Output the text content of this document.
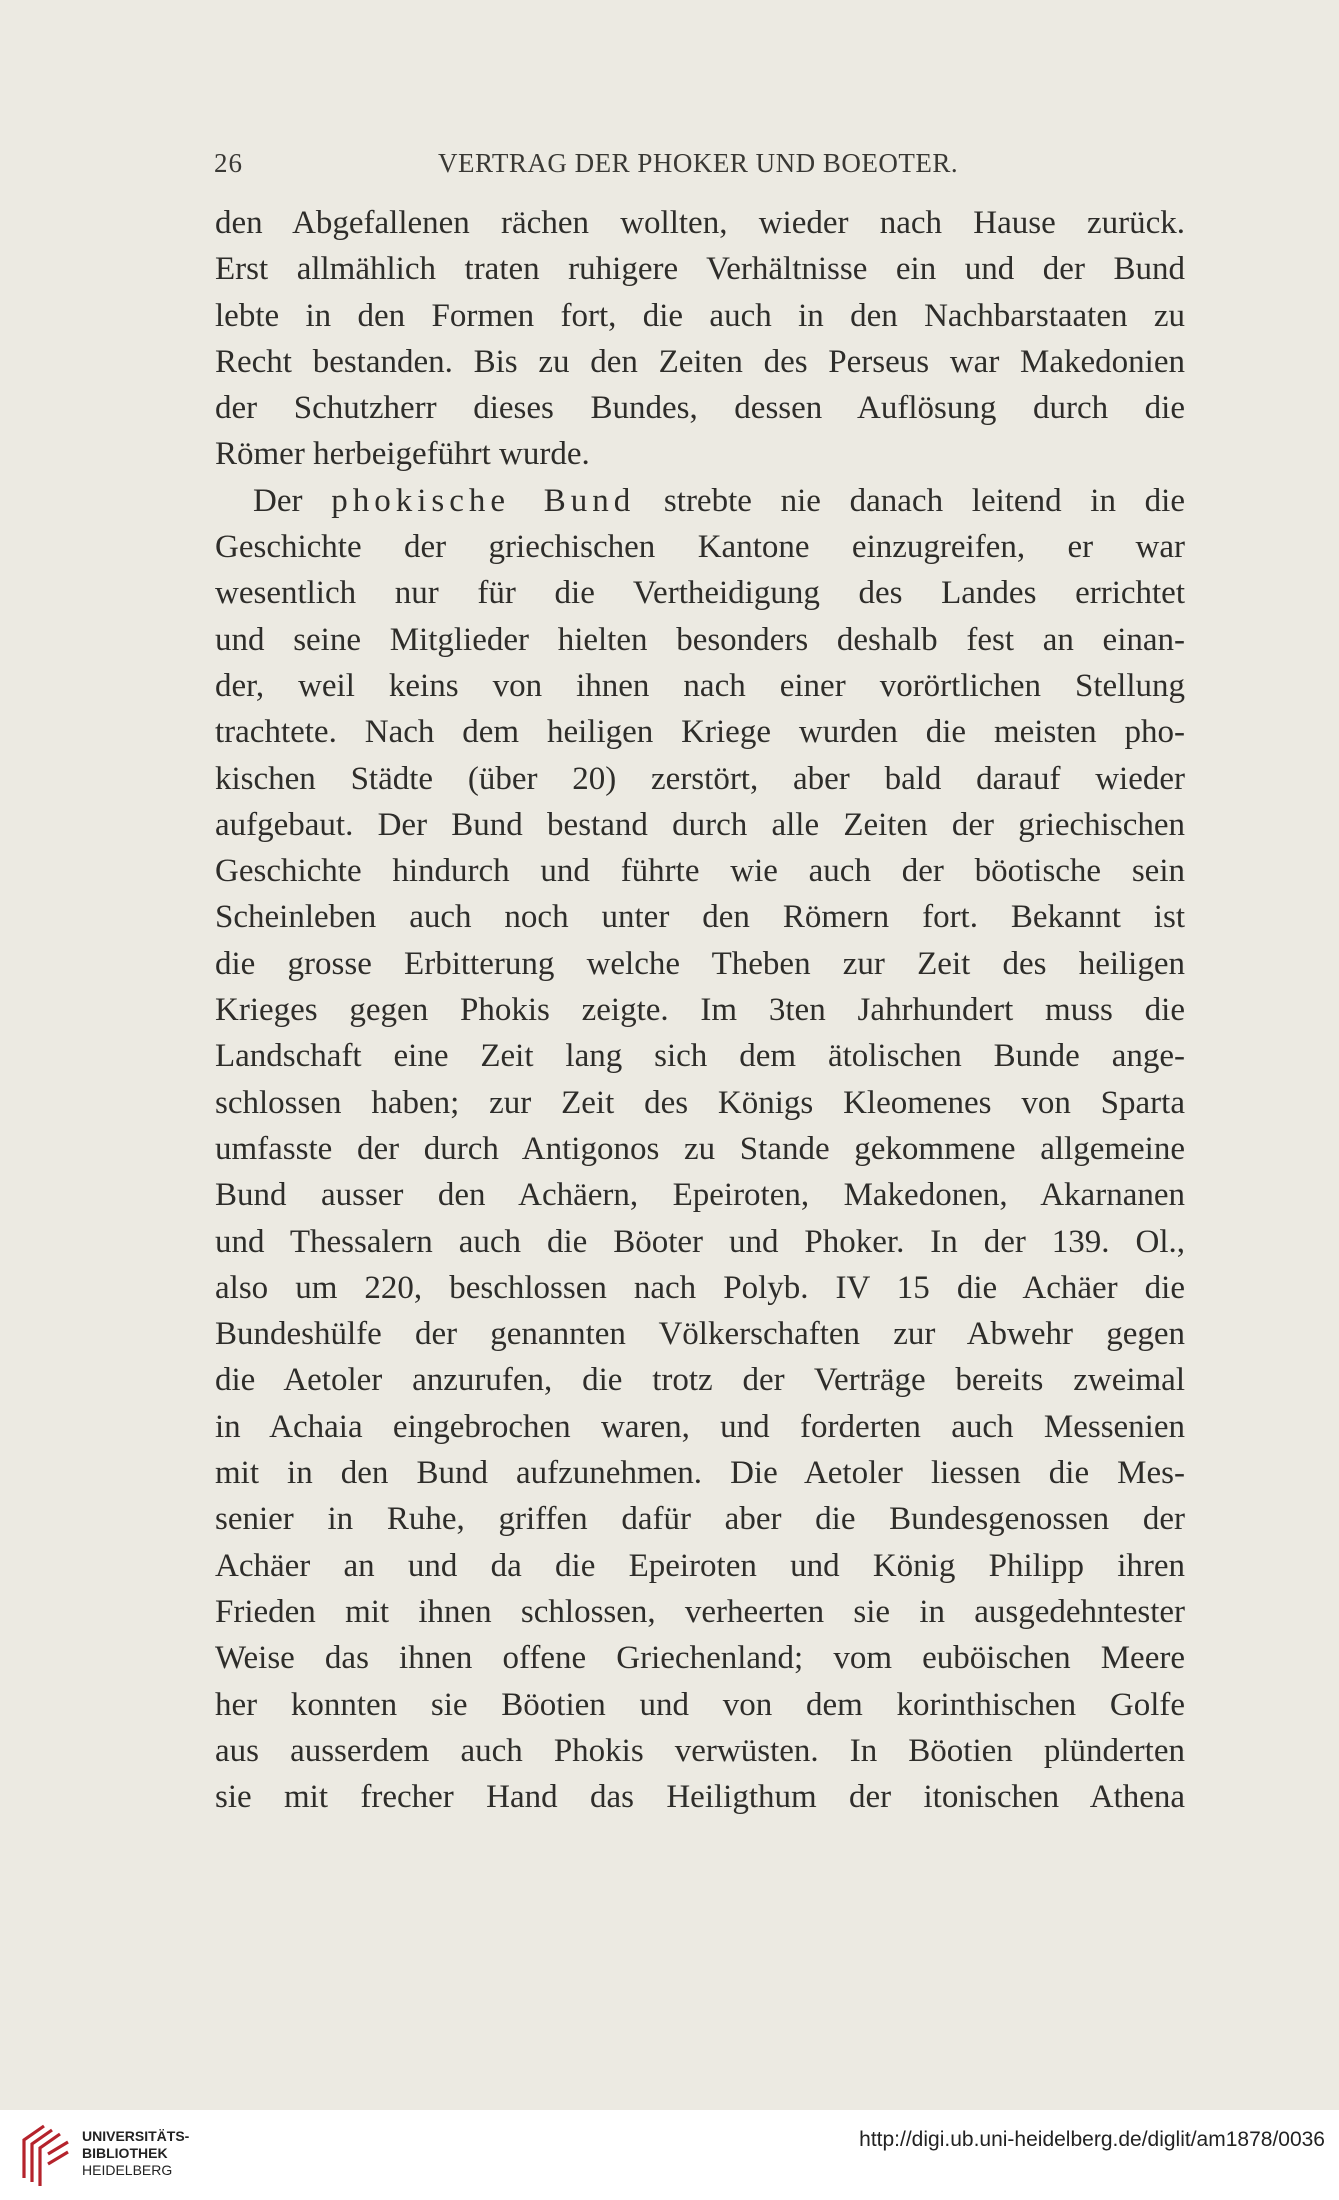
26	VERTRAG DER PHOKER UND BOEOTER.
den Abgefallenen rächen wollten, wieder nach Hause zurück.
Erst allmählich traten ruhigere Verhältnisse ein und der Bund
lebte in den Formen fort, die auch in den Nachbarstaaten zu
Recht bestanden. Bis zu den Zeiten des Perseus war Makedonien
der Schutzherr dieses Bundes, dessen Auflösung durch die
Römer herbeigeführt wurde.
Der phokische Bund strebte nie danach leitend in die
Geschichte der griechischen Kantone einzugreifen, er war
wesentlich nur für die Vertheidigung des Landes errichtet
und seine Mitglieder hielten besonders deshalb fest an einan-
der, weil keins von ihnen nach einer vorörtlichen Stellung
trachtete. Nach dem heiligen Kriege wurden die meisten pho-
kischen Städte (über 20) zerstört, aber bald darauf wieder
aufgebaut. Der Bund bestand durch alle Zeiten der griechischen
Geschichte hindurch und führte wie auch der böotische sein
Scheinleben auch noch unter den Römern fort. Bekannt ist
die grosse Erbitterung welche Theben zur Zeit des heiligen
Krieges gegen Phokis zeigte. Im 3ten Jahrhundert muss die
Landschaft eine Zeit lang sich dem ätolischen Bunde ange-
schlossen haben; zur Zeit des Königs Kleomenes von Sparta
umfasste der durch Antigonos zu Stande gekommene allgemeine
Bund ausser den Achäern, Epeiroten, Makedonen, Akarnanen
und Thessalern auch die Böoter und Phoker. In der 139. Ol.,
also um 220, beschlossen nach Polyb. IV 15 die Achäer die
Bundeshülfe der genannten Völkerschaften zur Abwehr gegen
die Aetoler anzurufen, die trotz der Verträge bereits zweimal
in Achaia eingebrochen waren, und forderten auch Messenien
mit in den Bund aufzunehmen. Die Aetoler liessen die Mes-
senier in Ruhe, griffen dafür aber die Bundesgenossen der
Achäer an und da die Epeiroten und König Philipp ihren
Frieden mit ihnen schlossen, verheerten sie in ausgedehntester
Weise das ihnen offene Griechenland; vom euböischen Meere
her konnten sie Böotien und von dem korinthischen Golfe
aus ausserdem auch Phokis verwüsten. In Böotien plünderten
sie mit frecher Hand das Heiligthum der itonischen Athena
UNIVERSITÄTS-
BIBLIOTHEK
HEIDELBERG
http://digi.ub.uni-heidelberg.de/diglit/am1878/0036
